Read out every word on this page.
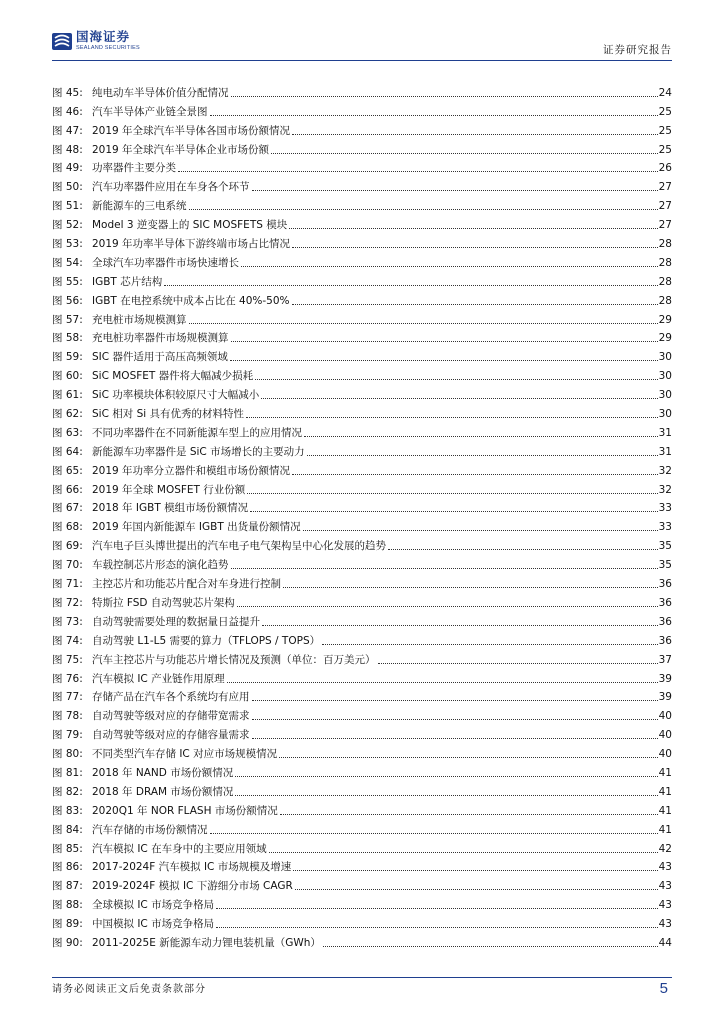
国海证券
SEALAND SECURITIES	证券研究报告
图 45: 纯电动车半导体价值分配情况	24
图 46: 汽车半导体产业链全景图	25
图 47: 2019 年全球汽车半导体各国市场份额情况	25
图 48: 2019 年全球汽车半导体企业市场份额	25
图 49: 功率器件主要分类	26
图 50: 汽车功率器件应用在车身各个环节	27
图 51: 新能源车的三电系统	27
图 52: Model 3 逆变器上的 SIC MOSFETS 模块	27
图 53: 2019 年功率半导体下游终端市场占比情况	28
图 54: 全球汽车功率器件市场快速增长	28
图 55: IGBT 芯片结构	28
图 56: IGBT 在电控系统中成本占比在 40%-50%	28
图 57: 充电桩市场规模测算	29
图 58: 充电桩功率器件市场规模测算	29
图 59: SIC 器件适用于高压高频领域	30
图 60: SiC MOSFET 器件将大幅减少损耗	30
图 61: SiC 功率模块体积较原尺寸大幅减小	30
图 62: SiC 相对 Si 具有优秀的材料特性	30
图 63: 不同功率器件在不同新能源车型上的应用情况	31
图 64: 新能源车功率器件是 SiC 市场增长的主要动力	31
图 65: 2019 年功率分立器件和模组市场份额情况	32
图 66: 2019 年全球 MOSFET 行业份额	32
图 67: 2018 年 IGBT 模组市场份额情况	33
图 68: 2019 年国内新能源车 IGBT 出货量份额情况	33
图 69: 汽车电子巨头博世提出的汽车电子电气架构呈中心化发展的趋势	35
图 70: 车载控制芯片形态的演化趋势	35
图 71: 主控芯片和功能芯片配合对车身进行控制	36
图 72: 特斯拉 FSD 自动驾驶芯片架构	36
图 73: 自动驾驶需要处理的数据量日益提升	36
图 74: 自动驾驶 L1-L5 需要的算力（TFLOPS / TOPS）	36
图 75: 汽车主控芯片与功能芯片增长情况及预测（单位：百万美元）	37
图 76: 汽车模拟 IC 产业链作用原理	39
图 77: 存储产品在汽车各个系统均有应用	39
图 78: 自动驾驶等级对应的存储带宽需求	40
图 79: 自动驾驶等级对应的存储容量需求	40
图 80: 不同类型汽车存储 IC 对应市场规模情况	40
图 81: 2018 年 NAND 市场份额情况	41
图 82: 2018 年 DRAM 市场份额情况	41
图 83: 2020Q1 年 NOR FLASH 市场份额情况	41
图 84: 汽车存储的市场份额情况	41
图 85: 汽车模拟 IC 在车身中的主要应用领域	42
图 86: 2017-2024F 汽车模拟 IC 市场规模及增速	43
图 87: 2019-2024F 模拟 IC 下游细分市场 CAGR	43
图 88: 全球模拟 IC 市场竞争格局	43
图 89: 中国模拟 IC 市场竞争格局	43
图 90: 2011-2025E 新能源车动力锂电装机量（GWh）	44
请务必阅读正文后免责条款部分	5
